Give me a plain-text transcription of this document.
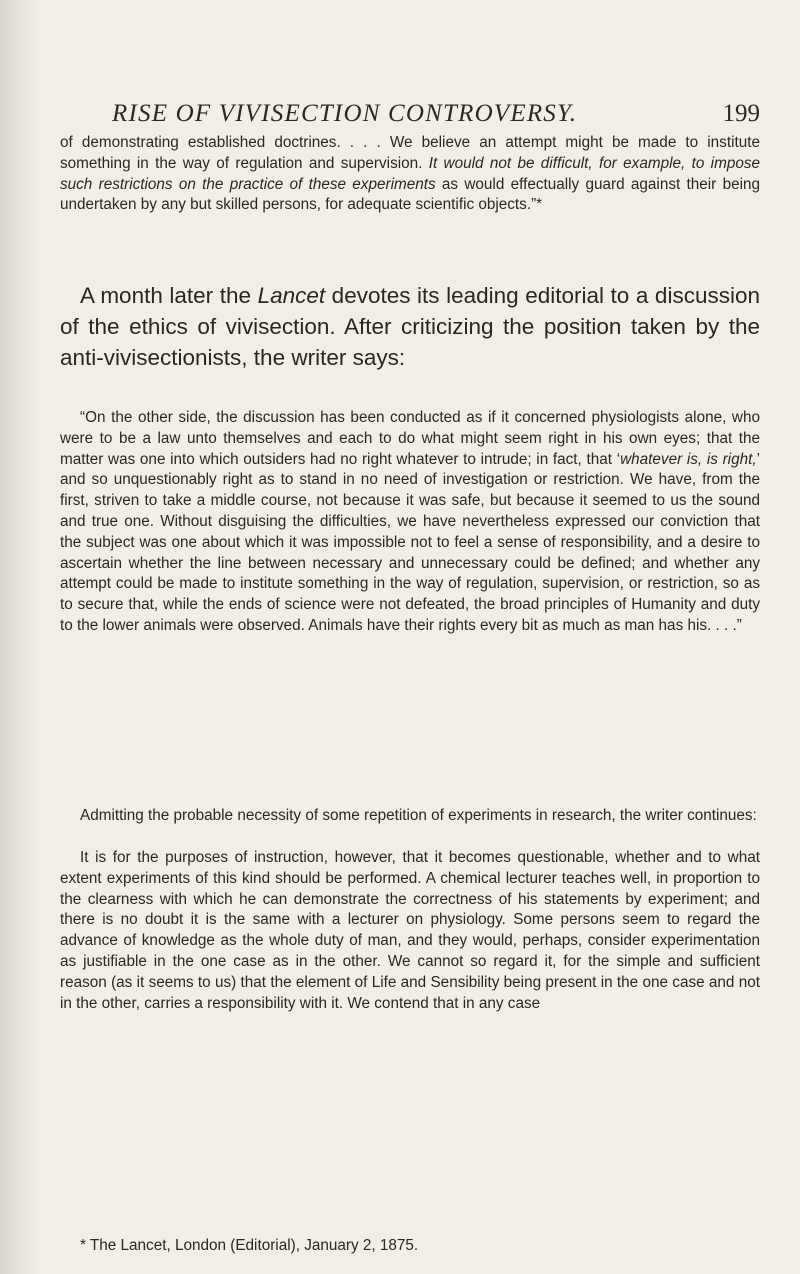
RISE OF VIVISECTION CONTROVERSY.	199

of demonstrating established doctrines. . . . We believe an attempt might be made to institute something in the way of regulation and supervision. It would not be difficult, for example, to impose such restrictions on the practice of these experiments as would effectually guard against their being undertaken by any but skilled persons, for adequate scientific objects.”*

A month later the Lancet devotes its leading editorial to a discussion of the ethics of vivisection. After criticizing the position taken by the anti-vivisectionists, the writer says:

“On the other side, the discussion has been conducted as if it concerned physiologists alone, who were to be a law unto themselves and each to do what might seem right in his own eyes; that the matter was one into which outsiders had no right whatever to intrude; in fact, that ‘whatever is, is right,’ and so unquestionably right as to stand in no need of investigation or restriction. We have, from the first, striven to take a middle course, not because it was safe, but because it seemed to us the sound and true one. Without disguising the difficulties, we have nevertheless expressed our conviction that the subject was one about which it was impossible not to feel a sense of responsibility, and a desire to ascertain whether the line between necessary and unnecessary could be defined; and whether any attempt could be made to institute something in the way of regulation, supervision, or restriction, so as to secure that, while the ends of science were not defeated, the broad principles of Humanity and duty to the lower animals were observed. Animals have their rights every bit as much as man has his. . . .”

Admitting the probable necessity of some repetition of experiments in research, the writer continues:

It is for the purposes of instruction, however, that it becomes questionable, whether and to what extent experiments of this kind should be performed. A chemical lecturer teaches well, in proportion to the clearness with which he can demonstrate the correctness of his statements by experiment; and there is no doubt it is the same with a lecturer on physiology. Some persons seem to regard the advance of knowledge as the whole duty of man, and they would, perhaps, consider experimentation as justifiable in the one case as in the other. We cannot so regard it, for the simple and sufficient reason (as it seems to us) that the element of Life and Sensibility being present in the one case and not in the other, carries a responsibility with it. We contend that in any case

* The Lancet, London (Editorial), January 2, 1875.
